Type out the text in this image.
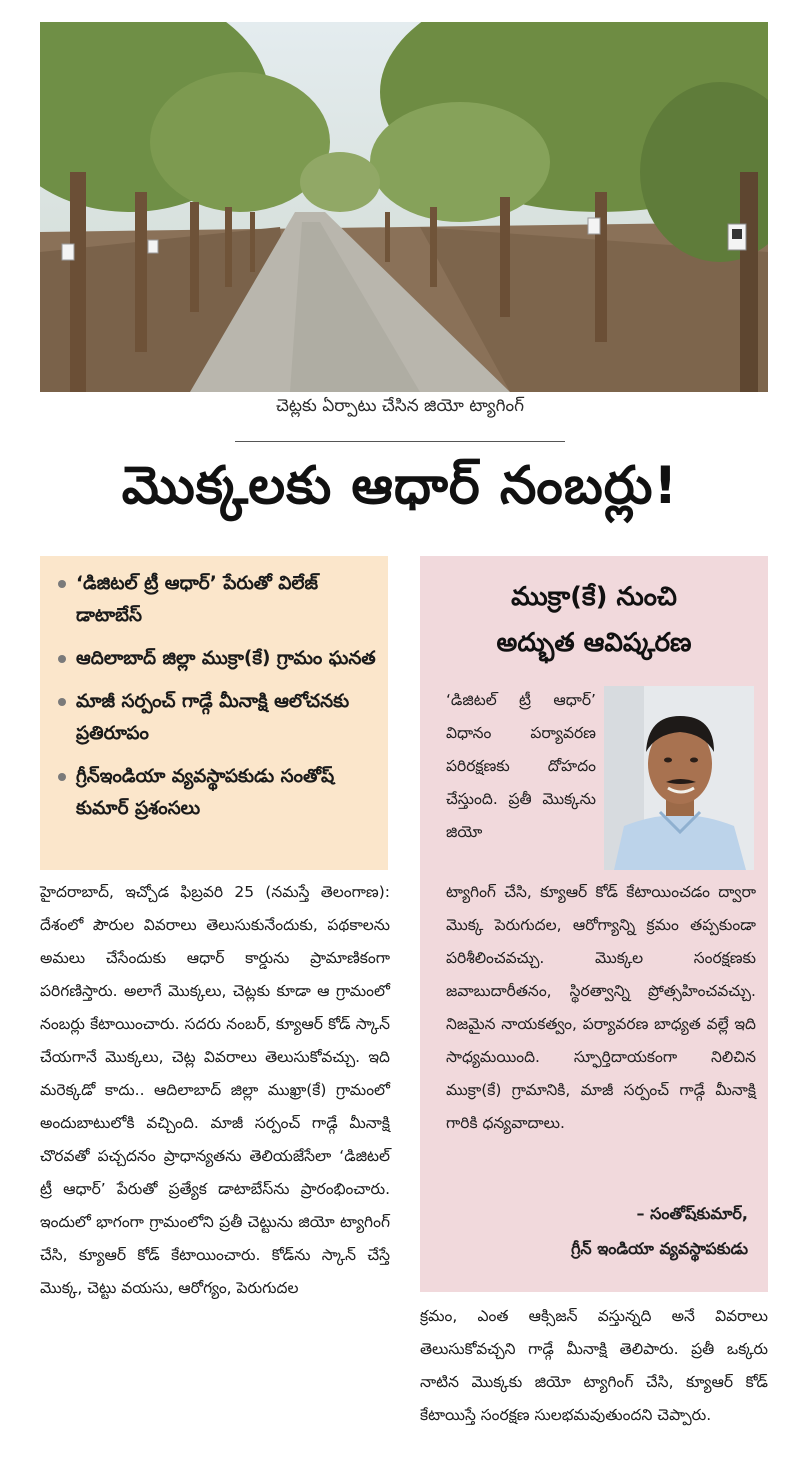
చెట్లకు ఏర్పాటు చేసిన జియో ట్యాగింగ్
మొక్కలకు ఆధార్ నంబర్లు!
‘డిజిటల్ ట్రీ ఆధార్’ పేరుతో విలేజ్ డాటాబేస్
ఆదిలాబాద్ జిల్లా ముక్రా(కే) గ్రామం ఘనత
మాజీ సర్పంచ్ గాడ్గే మీనాక్షి ఆలోచనకు ప్రతిరూపం
గ్రీన్‌ఇండియా వ్యవస్థాపకుడు సంతోష్ కుమార్ ప్రశంసలు
ముక్రా(కే) నుంచి
అద్భుత ఆవిష్కరణ
‘డిజిటల్ ట్రీ ఆధార్’ విధానం పర్యావరణ పరిరక్షణకు దోహదం చేస్తుంది. ప్రతీ మొక్కను జియో
ట్యాగింగ్ చేసి, క్యూఆర్ కోడ్ కేటాయించడం ద్వారా మొక్క పెరుగుదల, ఆరోగ్యాన్ని క్రమం తప్పకుండా పరిశీలించవచ్చు. మొక్కల సంరక్షణకు జవాబుదారీతనం, స్థిరత్వాన్ని ప్రోత్సహించవచ్చు. నిజమైన నాయకత్వం, పర్యావరణ బాధ్యత వల్లే ఇది సాధ్యమయింది. స్ఫూర్తిదాయకంగా నిలిచిన ముక్రా(కే) గ్రామానికి, మాజీ సర్పంచ్ గాడ్గే మీనాక్షి గారికి ధన్యవాదాలు.
– సంతోష్‌కుమార్,
గ్రీన్ ఇండియా వ్యవస్థాపకుడు
హైదరాబాద్, ఇచ్చోడ ఫిబ్రవరి 25 (నమస్తే తెలంగాణ): దేశంలో పౌరుల వివరాలు తెలుసుకునేందుకు, పథకాలను అమలు చేసేందుకు ఆధార్ కార్డును ప్రామాణికంగా పరిగణిస్తారు. అలాగే మొక్కలు, చెట్లకు కూడా ఆ గ్రామంలో నంబర్లు కేటాయించారు. సదరు నంబర్, క్యూఆర్ కోడ్ స్కాన్ చేయగానే మొక్కలు, చెట్ల వివరాలు తెలుసుకోవచ్చు. ఇది మరెక్కడో కాదు.. ఆదిలాబాద్ జిల్లా ముఖ్రా(కే) గ్రామంలో అందుబాటులోకి వచ్చింది. మాజీ సర్పంచ్ గాడ్గే మీనాక్షి చొరవతో పచ్చదనం ప్రాధాన్యతను తెలియజేసేలా ‘డిజిటల్ ట్రీ ఆధార్’ పేరుతో ప్రత్యేక డాటాబేస్‌ను ప్రారంభించారు. ఇందులో భాగంగా గ్రామంలోని ప్రతీ చెట్టును జియో ట్యాగింగ్ చేసి, క్యూఆర్ కోడ్ కేటాయించారు. కోడ్‌ను స్కాన్ చేస్తే మొక్క, చెట్టు వయసు, ఆరోగ్యం, పెరుగుదల
క్రమం, ఎంత ఆక్సిజన్ వస్తున్నది అనే వివరాలు తెలుసుకోవచ్చని గాడ్గే మీనాక్షి తెలిపారు. ప్రతీ ఒక్కరు నాటిన మొక్కకు జియో ట్యాగింగ్ చేసి, క్యూఆర్ కోడ్ కేటాయిస్తే సంరక్షణ సులభమవుతుందని చెప్పారు.
